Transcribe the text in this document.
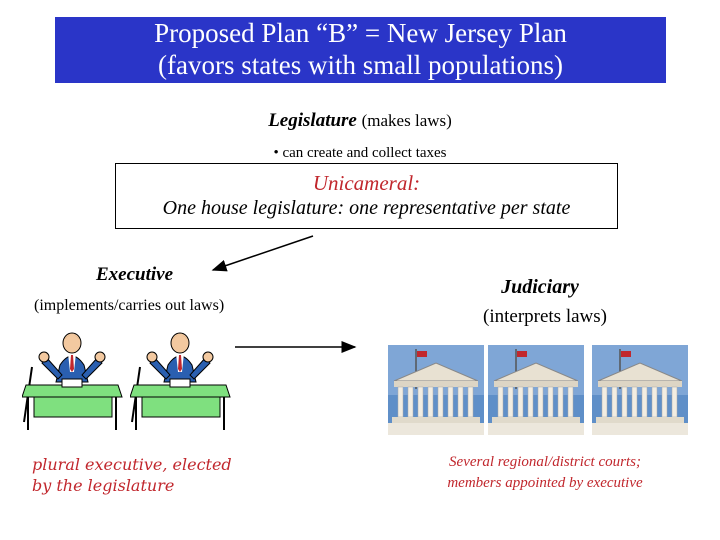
Proposed Plan “B” = New Jersey Plan
(favors states with small populations)
Legislature (makes laws)
• can create and collect taxes
Unicameral:
One house legislature: one representative per state
Executive
(implements/carries out laws)
plural executive, elected
by the legislature
Judiciary
(interprets laws)
Several regional/district courts;
members appointed by executive
